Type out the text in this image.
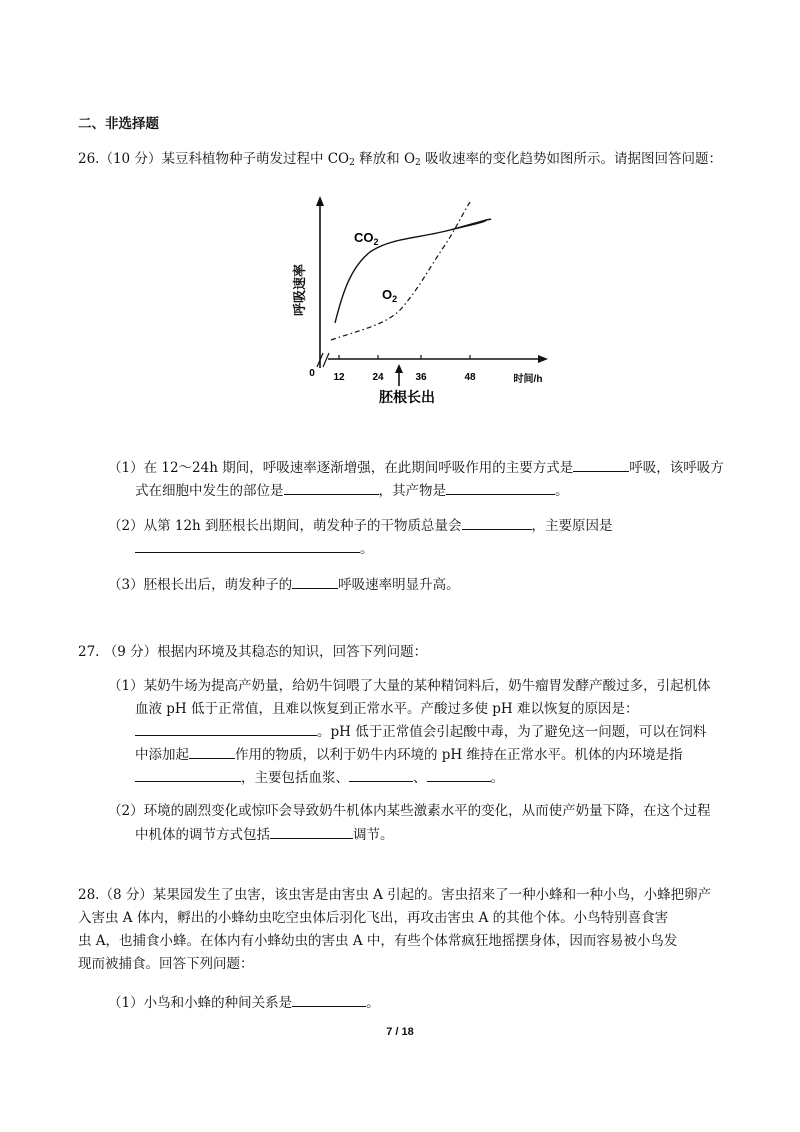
二、非选择题
26.（10 分）某豆科植物种子萌发过程中 $CO_2$ 释放和 $O_2$ 吸收速率的变化趋势如图所示。请据图回答问题：
呼吸速率
0 12	24	36	48	时间/h
$CO_2$
$O_2$
胚根长出
（1）在 12～24h 期间，呼吸速率逐渐增强，在此期间呼吸作用的主要方式是	呼吸，该呼吸方
式在细胞中发生的部位是	，其产物是	。
（2）从第 12h 到胚根长出期间，萌发种子的干物质总量会	，主要原因是
。
（3）胚根长出后，萌发种子的	呼吸速率明显升高。
27. （9 分）根据内环境及其稳态的知识，回答下列问题：
（1）某奶牛场为提高产奶量，给奶牛饲喂了大量的某种精饲料后，奶牛瘤胃发酵产酸过多，引起机体
血液 pH 低于正常值，且难以恢复到正常水平。产酸过多使 pH 难以恢复的原因是：
。pH 低于正常值会引起酸中毒，为了避免这一问题，可以在饲料
中添加起	作用的物质，以利于奶牛内环境的 pH 维持在正常水平。机体的内环境是指
，主要包括血浆、	、	。
（2）环境的剧烈变化或惊吓会导致奶牛机体内某些激素水平的变化，从而使产奶量下降，在这个过程
中机体的调节方式包括	调节。
28.（8 分）某果园发生了虫害，该虫害是由害虫 A 引起的。害虫招来了一种小蜂和一种小鸟，小蜂把卵产
入害虫 A 体内，孵出的小蜂幼虫吃空虫体后羽化飞出，再攻击害虫 A 的其他个体。小鸟特别喜食害
虫 A，也捕食小蜂。在体内有小蜂幼虫的害虫 A 中，有些个体常疯狂地摇摆身体，因而容易被小鸟发
现而被捕食。回答下列问题：
（1）小鸟和小蜂的种间关系是	。
7 / 18
